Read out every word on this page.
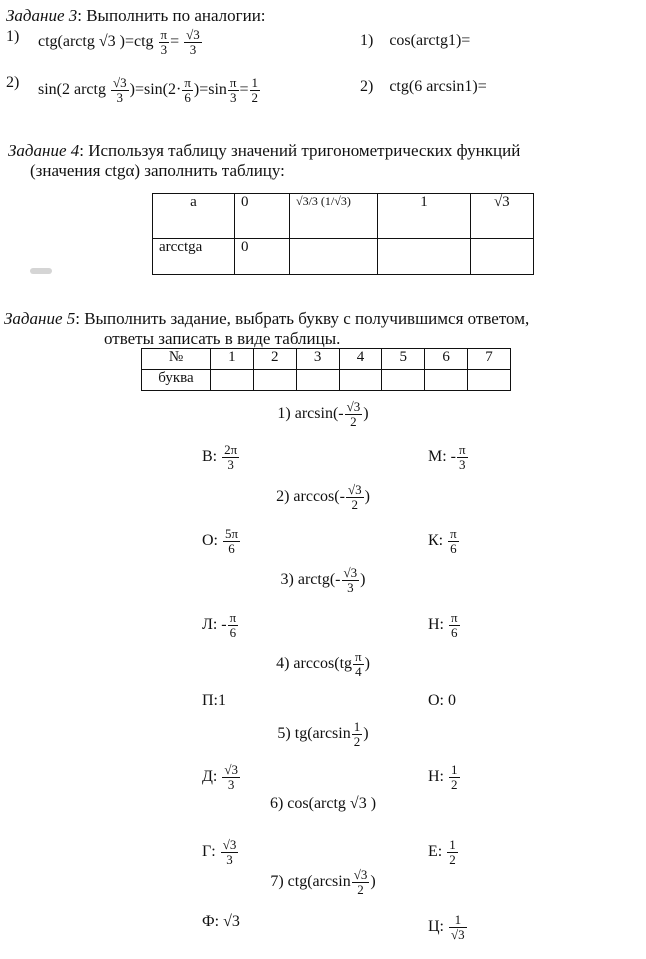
Задание 3: Выполнить по аналогии:
1) ctg(arctg √3 )$=ctg \frac{\pi}{3} = \frac{√3}{3}$
2) sin(2 arctg $\frac{√3}{3} )=\sin(2\cdot \frac{\pi}{6} )=\sin \frac{\pi}{3} = \frac{1}{2}$
1) cos(arctg1)=
2) ctg(6 arcsin1)=
Задание 4: Используя таблицу значений тригонометрических функций
(значения ctgα) заполнить таблицу:
a	0	√3/3 (1/√3)	1	√3
arcctga	0			
Задание 5: Выполнить задание, выбрать букву с получившимся ответом,
ответы записать в виде таблицы.
№	1	2	3	4	5	6	7
буква							
1) $\arcsin(- \frac{√3}{2}$ )
В: $\frac{2\pi}{3}$	М: - $\frac{\pi}{3}$
2) $\arccos(- \frac{√3}{2}$ )
О: $\frac{5\pi}{6}$	К: $\frac{\pi}{6}$
3) arctg(- $\frac{√3}{3}$ )
Л: - $\frac{\pi}{6}$	Н: $\frac{\pi}{6}$
4) $\arccos(tg \frac{\pi}{4}$ )
П:1	О: 0
5) $tg(\arcsin \frac{1}{2}$ )
Д: $\frac{√3}{3}$	Н: $\frac{1}{2}$
6) cos(arctg √3 )
Г: $\frac{√3}{3}$	Е: $\frac{1}{2}$
7) $ctg(\arcsin \frac{√3}{2}$ )
Ф: √3	Ц: $\frac{1}{√3}$
